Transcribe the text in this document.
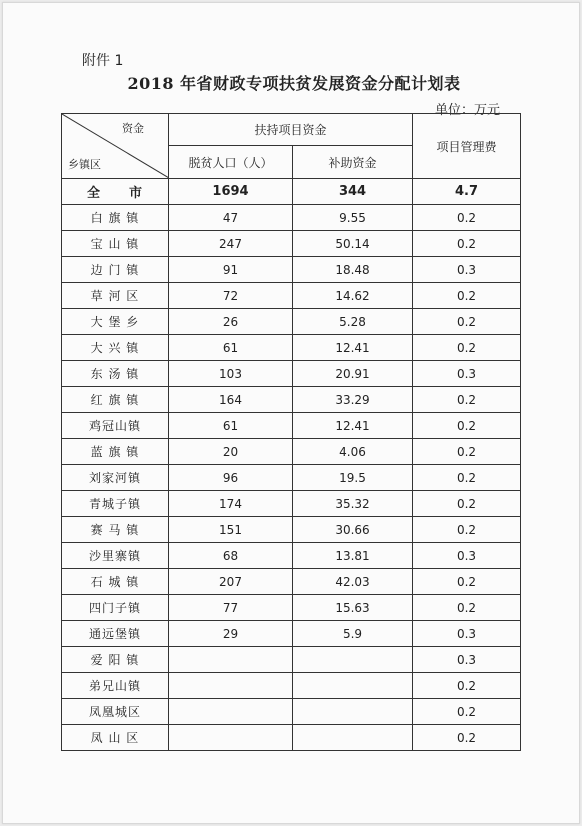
附件 1
2018 年省财政专项扶贫发展资金分配计划表
单位：万元
资金
乡镇区	扶持项目资金		项目管理费
	脱贫人口（人）	补助资金	
全　　市	1694	344	4.7
白 旗 镇	47	9.55	0.2
宝 山 镇	247	50.14	0.2
边 门 镇	91	18.48	0.3
草 河 区	72	14.62	0.2
大 堡 乡	26	5.28	0.2
大 兴 镇	61	12.41	0.2
东 汤 镇	103	20.91	0.3
红 旗 镇	164	33.29	0.2
鸡冠山镇	61	12.41	0.2
蓝 旗 镇	20	4.06	0.2
刘家河镇	96	19.5	0.2
青城子镇	174	35.32	0.2
赛 马 镇	151	30.66	0.2
沙里寨镇	68	13.81	0.3
石 城 镇	207	42.03	0.2
四门子镇	77	15.63	0.2
通远堡镇	29	5.9	0.3
爱 阳 镇			0.3
弟兄山镇			0.2
凤凰城区			0.2
凤 山 区			0.2
